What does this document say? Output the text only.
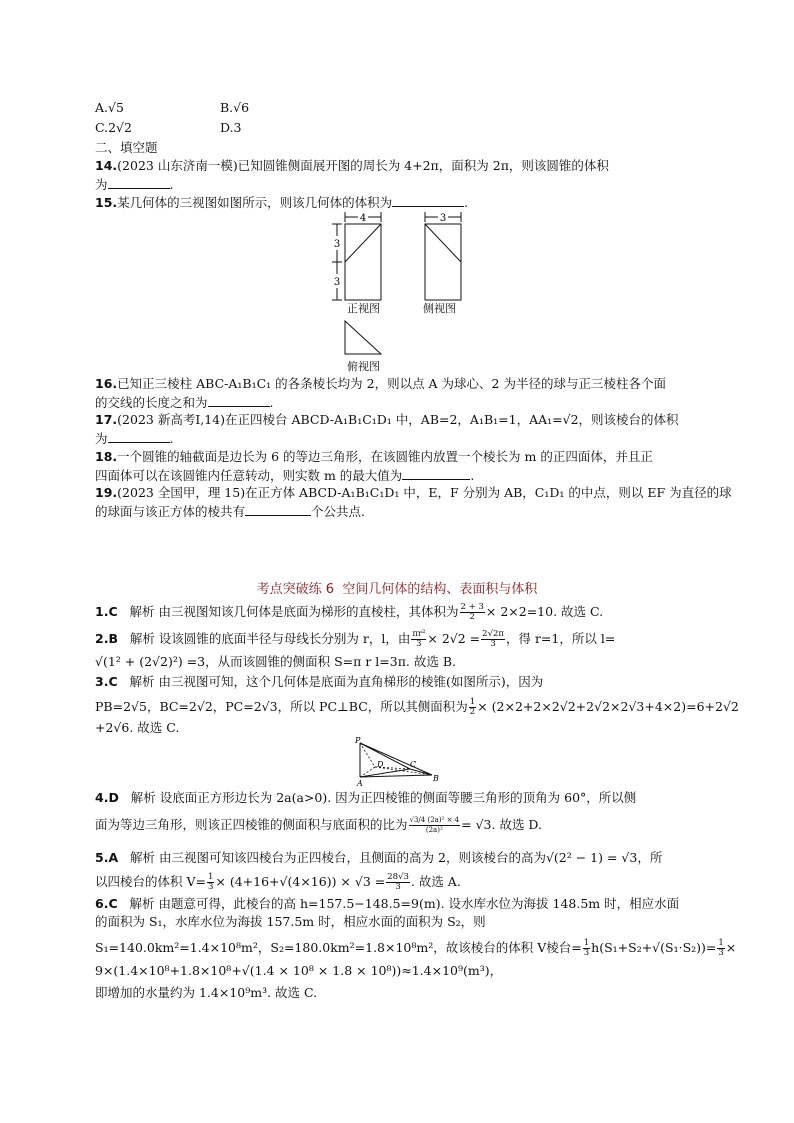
A.√5	B.√6
C.2√2	D.3
二、填空题
14.(2023 山东济南一模)已知圆锥侧面展开图的周长为 4+2π，面积为 2π，则该圆锥的体积
为	.
15.某几何体的三视图如图所示，则该几何体的体积为	.
4
3
3
3
正视图	侧视图
俯视图
16.已知正三棱柱 ABC-A₁B₁C₁ 的各条棱长均为 2，则以点 A 为球心、2 为半径的球与正三棱柱各个面
的交线的长度之和为	.
17.(2023 新高考Ⅰ,14)在正四棱台 ABCD-A₁B₁C₁D₁ 中，AB=2，A₁B₁=1，AA₁=√2，则该棱台的体积
为	.
18.一个圆锥的轴截面是边长为 6 的等边三角形，在该圆锥内放置一个棱长为 m 的正四面体，并且正
四面体可以在该圆锥内任意转动，则实数 m 的最大值为	.
19.(2023 全国甲，理 15)在正方体 ABCD-A₁B₁C₁D₁ 中，E，F 分别为 AB，C₁D₁ 的中点，则以 EF 为直径的球
的球面与该正方体的棱共有	个公共点.
考点突破练 6 空间几何体的结构、表面积与体积
1.C 解析 由三视图知该几何体是底面为梯形的直棱柱，其体积为 $\frac{2 + 3}{2} \times 2\times 2=10$. 故选 C.
2.B 解析 设该圆锥的底面半径与母线长分别为 r，l，由 $\frac{\text{πr²}}{3} \times 2√2 = \frac{2√2\pi}{3}$ ，得 r=1，所以 l=
√(1² + (2√2)²) =3，从而该圆锥的侧面积 S=π r l=3π. 故选 B.
3.C 解析 由三视图可知，这个几何体是底面为直角梯形的棱锥(如图所示)，因为
PB=2√5，BC=2√2，PC=2√3，所以 PC⊥BC，所以其侧面积为 $\frac{1}{2} \times (2\times 2+2\times 2√2+2√2\times 2√3+4\times 2)=6+2√2$
+2√6. 故选 C.
P
D	C
A
B
4.D 解析 设底面正方形边长为 2a(a>0). 因为正四棱锥的侧面等腰三角形的顶角为 60°，所以侧
面为等边三角形，则该正四棱锥的侧面积与底面积的比为 $\frac{\text{√3/4 (2a)² × 4}}{\text{(2a)²}} = √3$. 故选 D.
5.A 解析 由三视图可知该四棱台为正四棱台，且侧面的高为 2，则该棱台的高为√(2² − 1) = √3，所
以四棱台的体积 $V= \frac{1}{3} \times (4+16+√(4\times 16)) \times √3 = \frac{28√3}{3}$ . 故选 A.
6.C 解析 由题意可得，此棱台的高 h=157.5−148.5=9(m). 设水库水位为海拔 148.5m 时，相应水面
的面积为 S₁，水库水位为海拔 157.5m 时，相应水面的面积为 S₂，则
S₁=140.0km²=1.4×10⁸m²，S₂=180.0km²=1.8×10⁸m²，故该棱台的体积 V棱台= $\frac{1}{3} h(S_1+S_2+√(S_1\cdot S_2))= \frac{1}{3}$ ×
9×(1.4×10⁸+1.8×10⁸+√(1.4 × 10⁸ × 1.8 × 10⁸))≈1.4×10⁹(m³)，
即增加的水量约为 1.4×10⁹m³. 故选 C.
